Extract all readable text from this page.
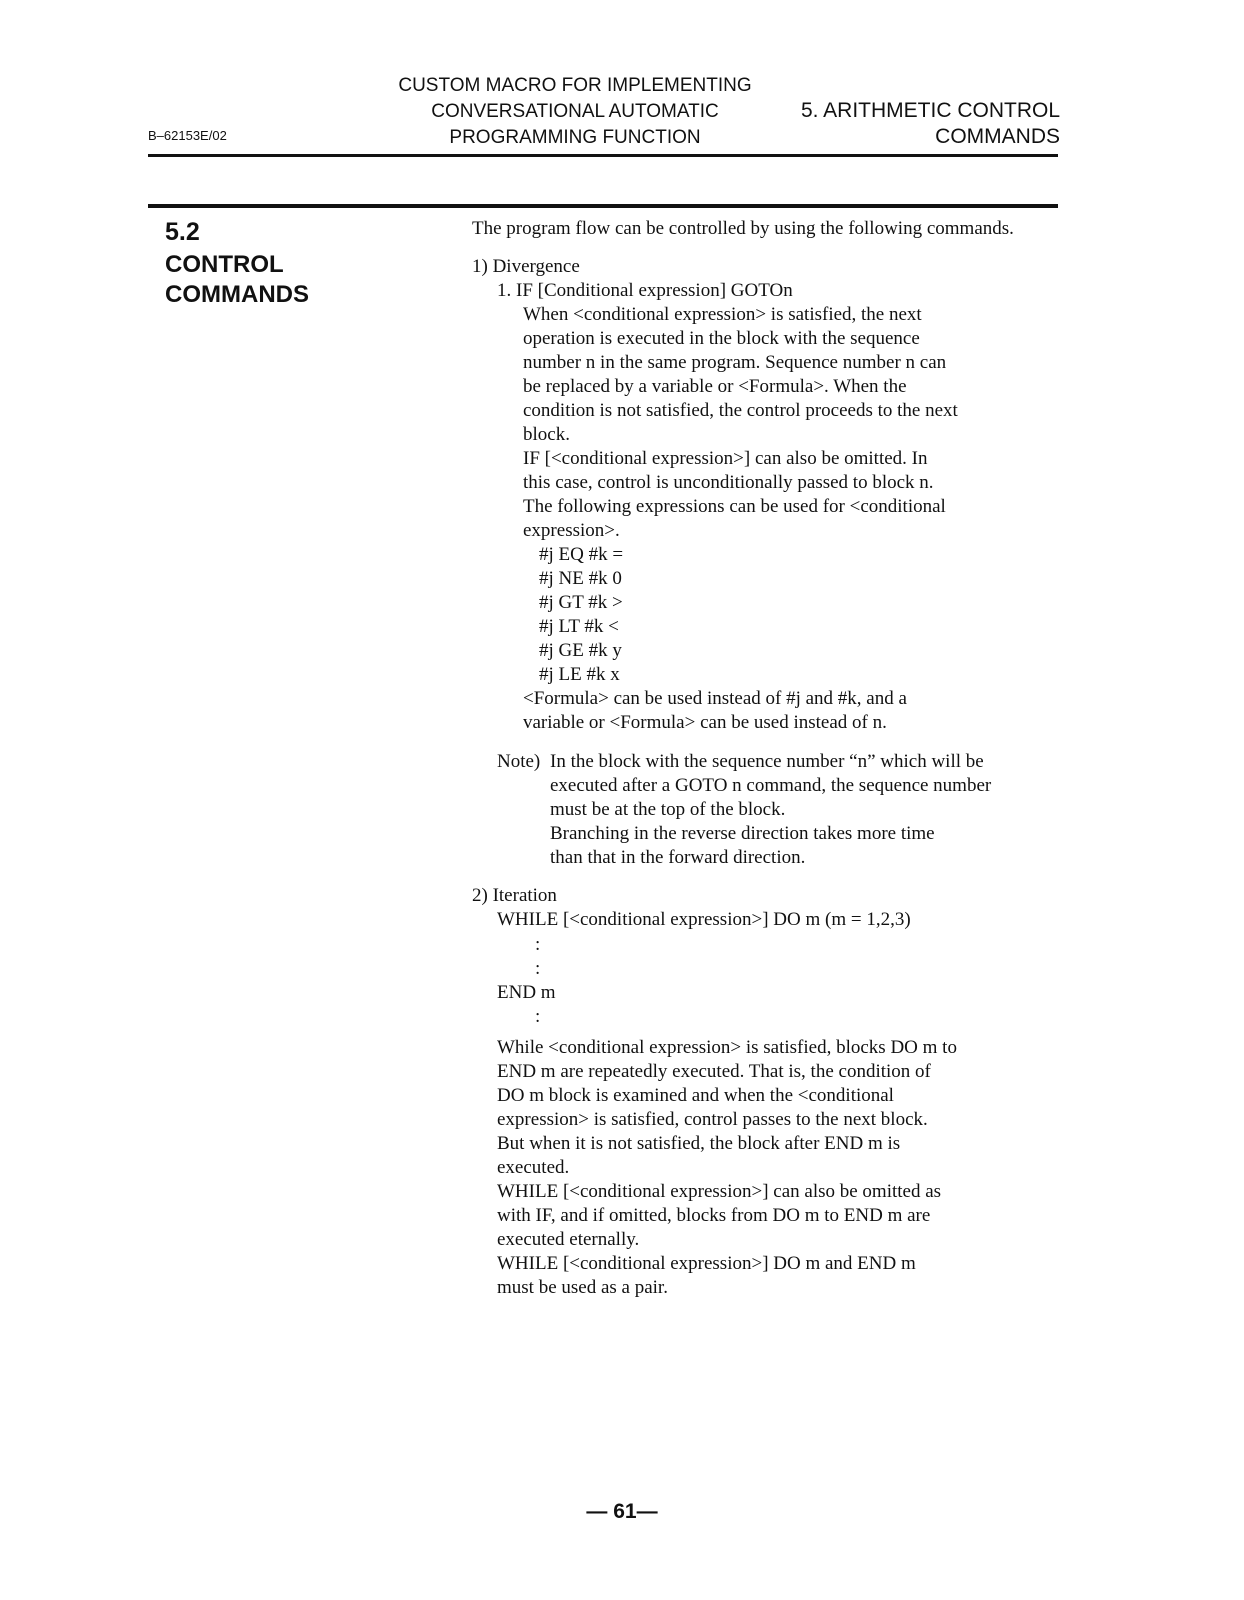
B–62153E/02
CUSTOM MACRO FOR IMPLEMENTING
CONVERSATIONAL AUTOMATIC
PROGRAMMING FUNCTION
5. ARITHMETIC CONTROL
COMMANDS
5.2
CONTROL
COMMANDS
The program flow can be controlled by using the following commands.
1) Divergence
1. IF [Conditional expression] GOTOn
When <conditional expression> is satisfied, the next
operation is executed in the block with the sequence
number n in the same program. Sequence number n can
be replaced by a variable or <Formula>. When the
condition is not satisfied, the control proceeds to the next
block.
IF [<conditional expression>] can also be omitted. In
this case, control is unconditionally passed to block n.
The following expressions can be used for <conditional
expression>.
#j EQ #k =
#j NE #k 0
#j GT #k >
#j LT #k <
#j GE #k y
#j LE #k x
<Formula> can be used instead of #j and #k, and a
variable or <Formula> can be used instead of n.
Note) In the block with the sequence number “n” which will be
executed after a GOTO n command, the sequence number
must be at the top of the block.
Branching in the reverse direction takes more time
than that in the forward direction.
2) Iteration
WHILE [<conditional expression>] DO m (m = 1,2,3)
:
:
END m
:
While <conditional expression> is satisfied, blocks DO m to
END m are repeatedly executed. That is, the condition of
DO m block is examined and when the <conditional
expression> is satisfied, control passes to the next block.
But when it is not satisfied, the block after END m is
executed.
WHILE [<conditional expression>] can also be omitted as
with IF, and if omitted, blocks from DO m to END m are
executed eternally.
WHILE [<conditional expression>] DO m and END m
must be used as a pair.
— 61—
